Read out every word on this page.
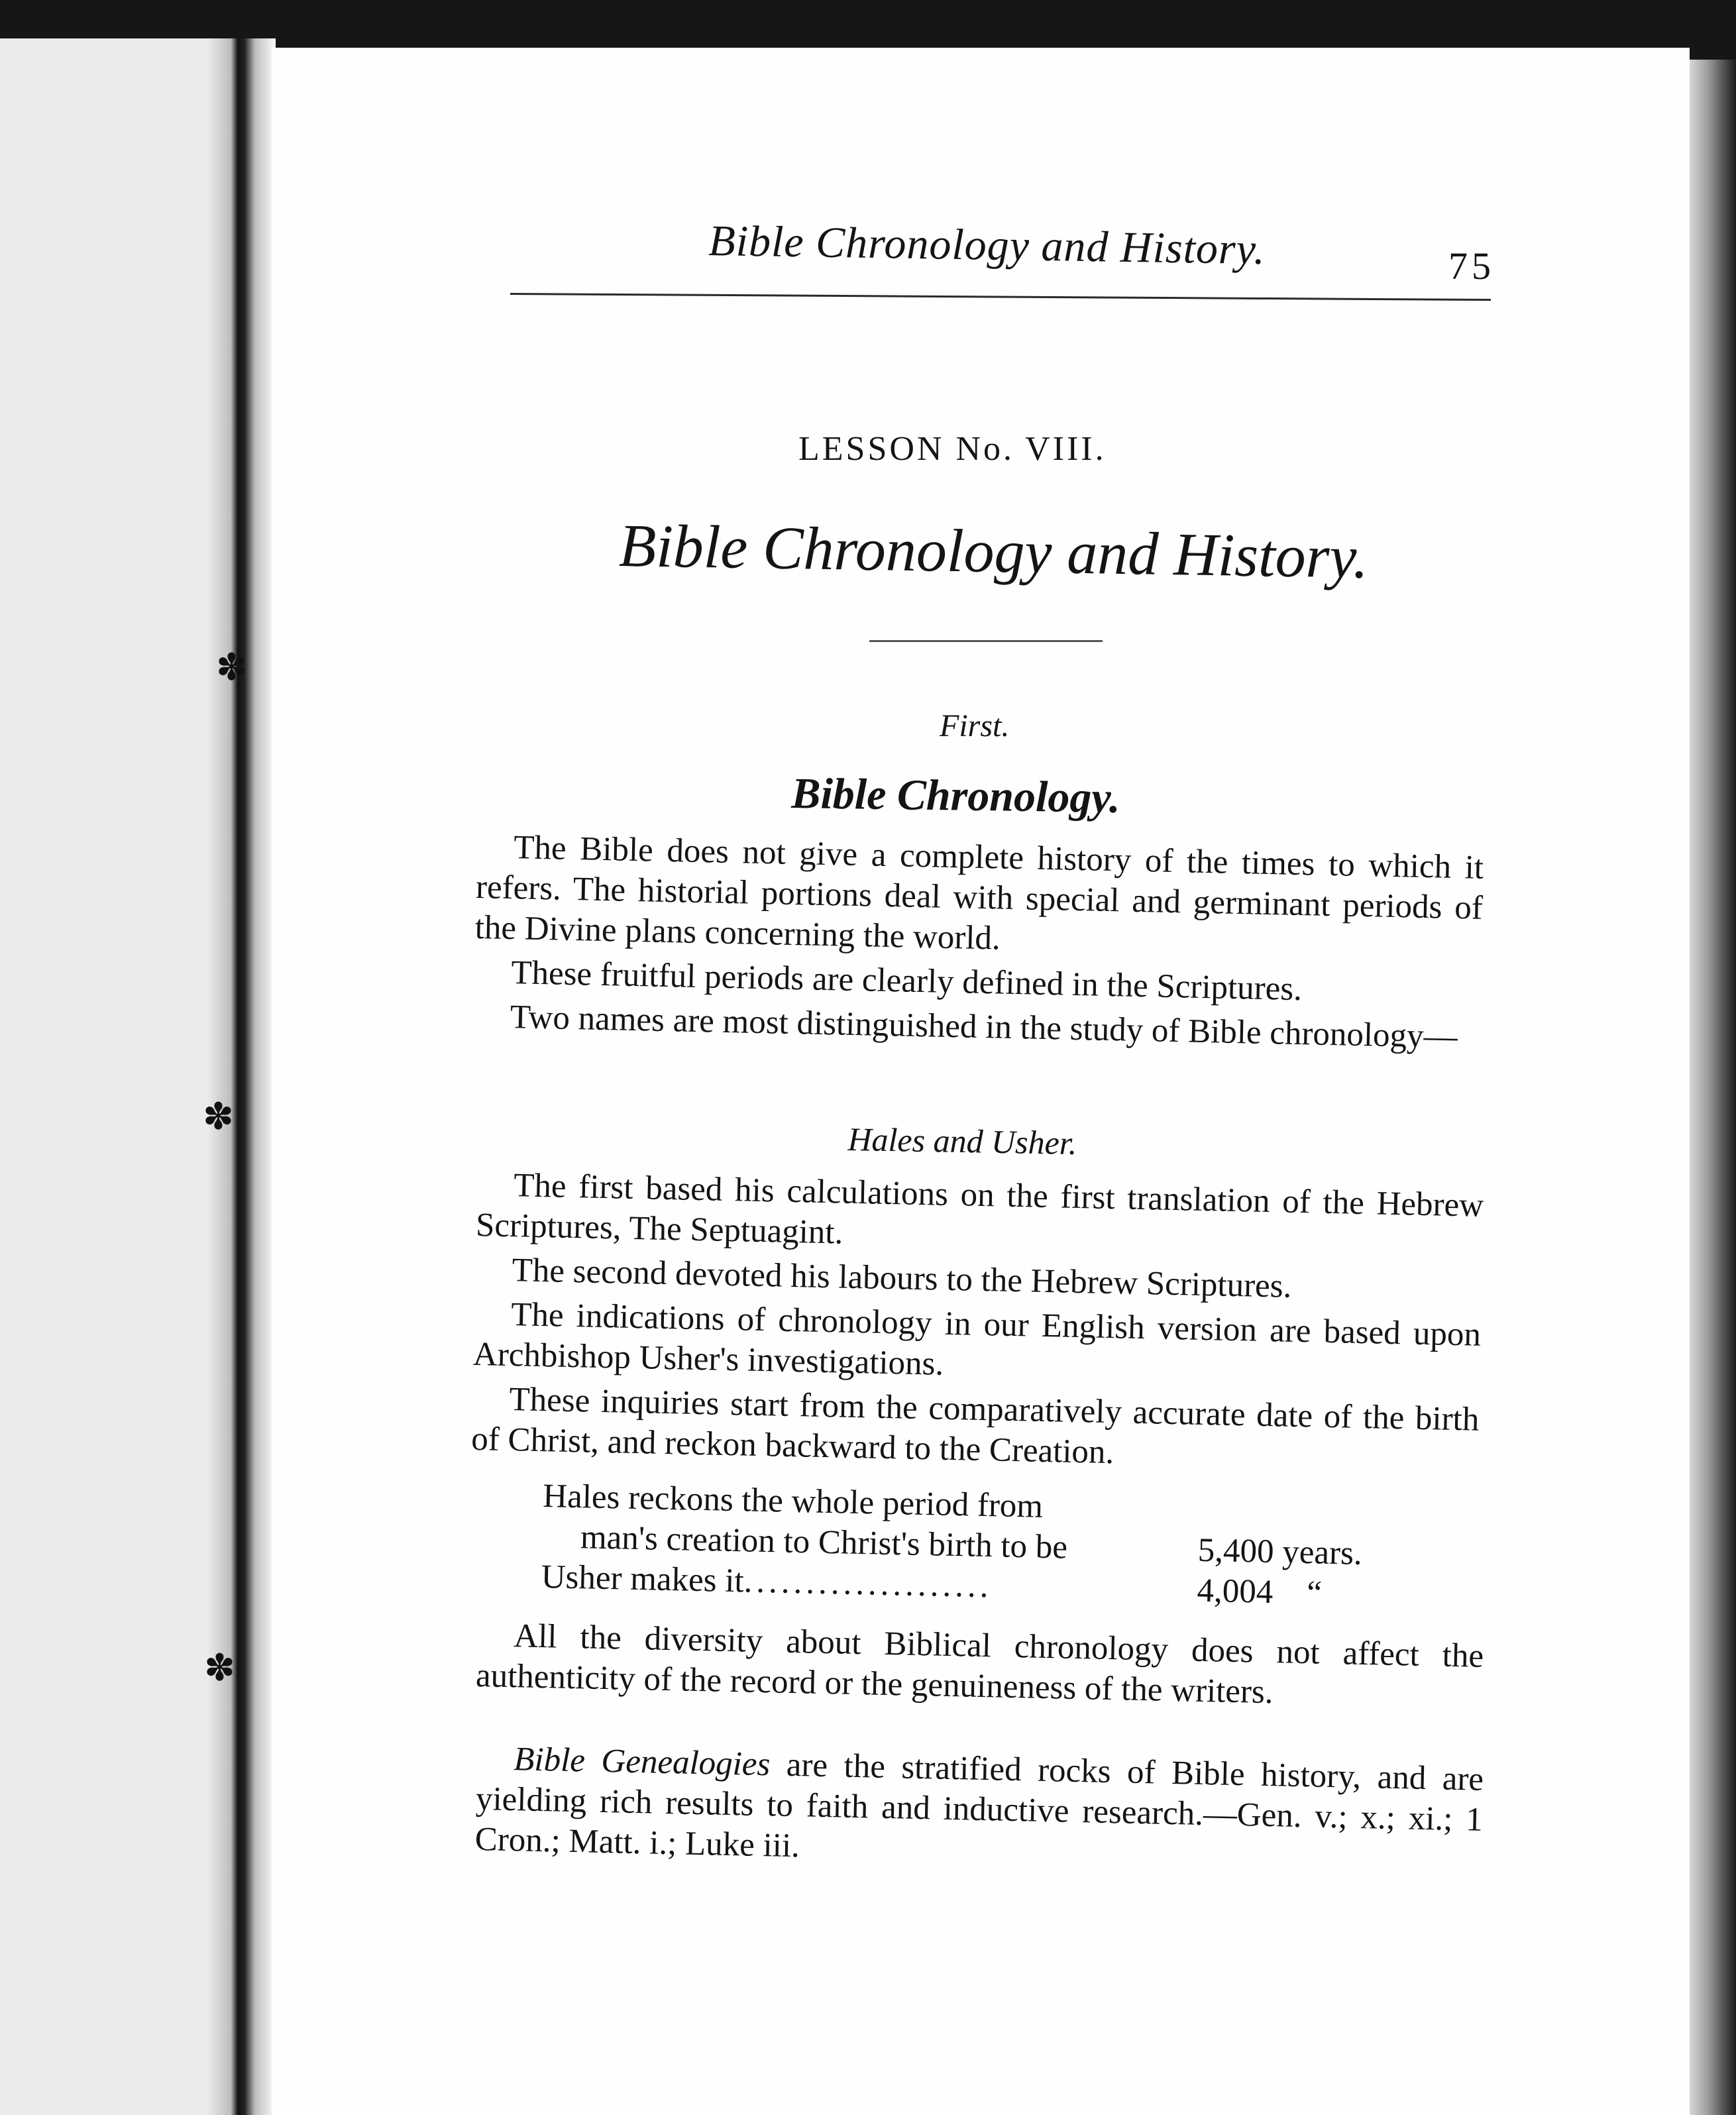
✽
✽
✽
Bible Chronology and History.	75
LESSON No. VIII.
Bible Chronology and History.
First.
Bible Chronology.

The Bible does not give a complete history of the times to which it refers. The historial portions deal with special and germinant periods of the Divine plans concerning the world.

These fruitful periods are clearly defined in the Scriptures.

Two names are most distinguished in the study of Bible chronology—

Hales and Usher.

The first based his calculations on the first translation of the Hebrew Scriptures, The Septuagint.

The second devoted his labours to the Hebrew Scriptures.

The indications of chronology in our English version are based upon Archbishop Usher's investigations.

These inquiries start from the comparatively accurate date of the birth of Christ, and reckon backward to the Creation.

Hales reckons the whole period from
man's creation to Christ's birth to be	5,400 years.
Usher makes it....................	4,004 “

All the diversity about Biblical chronology does not affect the authenticity of the record or the genuineness of the writers.

Bible Genealogies are the stratified rocks of Bible history, and are yielding rich results to faith and inductive research.—Gen. v.; x.; xi.; 1 Cron.; Matt. i.; Luke iii.
